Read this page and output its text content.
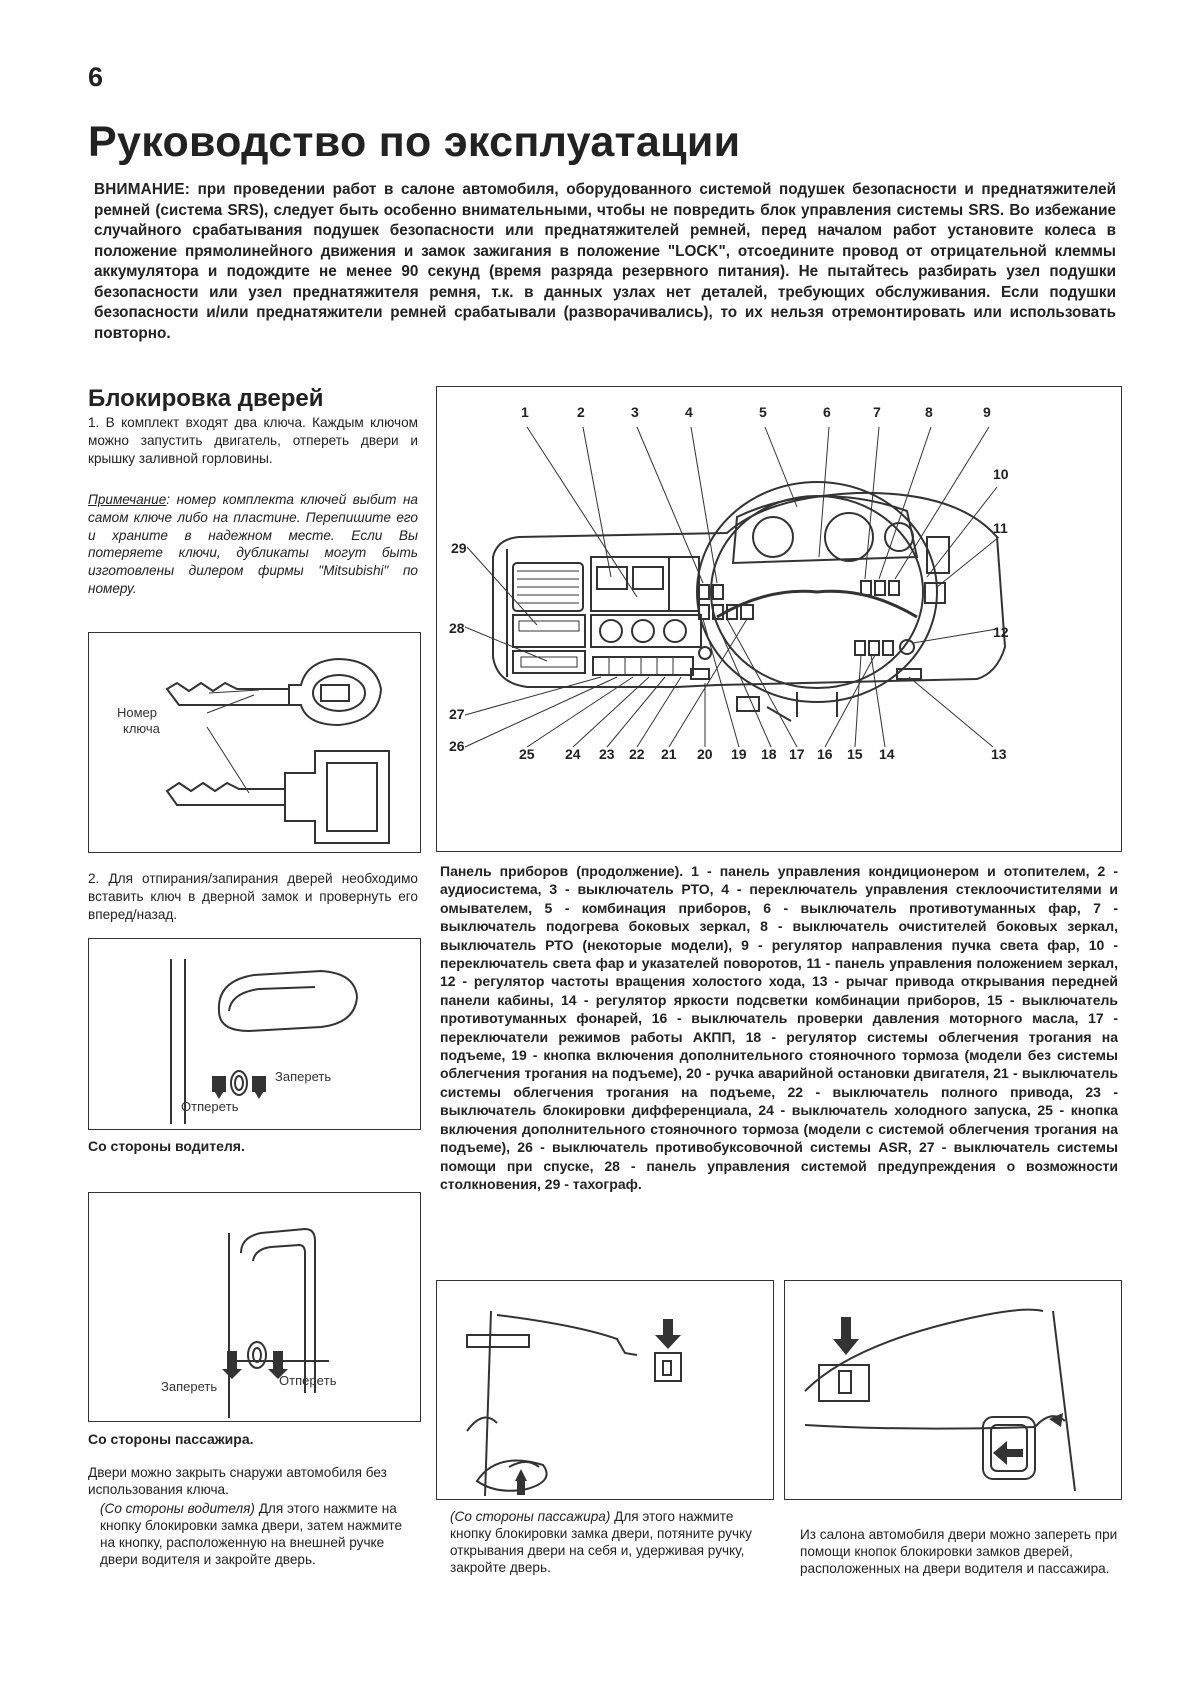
6
Руководство по эксплуатации
ВНИМАНИЕ: при проведении работ в салоне автомобиля, оборудованного системой подушек безопасности и преднатяжителей ремней (система SRS), следует быть особенно внимательными, чтобы не повредить блок управления системы SRS. Во избежание случайного срабатывания подушек безопасности или преднатяжителей ремней, перед началом работ установите колеса в положение прямолинейного движения и замок зажигания в положение "LOCK", отсоедините провод от отрицательной клеммы аккумулятора и подождите не менее 90 секунд (время разряда резервного питания). Не пытайтесь разбирать узел подушки безопасности или узел преднатяжителя ремня, т.к. в данных узлах нет деталей, требующих обслуживания. Если подушки безопасности и/или преднатяжители ремней срабатывали (разворачивались), то их нельзя отремонтировать или использовать повторно.
Блокировка дверей
1. В комплект входят два ключа. Каждым ключом можно запустить двигатель, отпереть двери и крышку заливной горловины.
Примечание: номер комплекта ключей выбит на самом ключе либо на пластине. Перепишите его и храните в надежном месте. Если Вы потеряете ключи, дубликаты могут быть изготовлены дилером фирмы "Mitsubishi" по номеру.
Номер
ключа
2. Для отпирания/запирания дверей необходимо вставить ключ в дверной замок и провернуть его вперед/назад.
Запереть
Отперeть
Со стороны водителя.
Запереть	Отперeть
Со стороны пассажира.
Двери можно закрыть снаружи автомобиля без использования ключа.
(Со стороны водителя) Для этого нажмите на кнопку блокировки замка двери, затем нажмите на кнопку, расположенную на внешней ручке двери водителя и закройте дверь.
1	2	3	4	5	6	7	8	9
10
11
12
13
14
15
16
17
18
19
20
21
22
23
24
25
26
27
28
29
Панель приборов (продолжение). 1 - панель управления кондиционером и отопителем, 2 - аудиосистема, 3 - выключатель РТО, 4 - переключатель управления стеклоочистителями и омывателем, 5 - комбинация приборов, 6 - выключатель противотуманных фар, 7 - выключатель подогрева боковых зеркал, 8 - выключатель очистителей боковых зеркал, выключатель РТО (некоторые модели), 9 - регулятор направления пучка света фар, 10 - переключатель света фар и указателей поворотов, 11 - панель управления положением зеркал, 12 - регулятор частоты вращения холостого хода, 13 - рычаг привода открывания передней панели кабины, 14 - регулятор яркости подсветки комбинации приборов, 15 - выключатель противотуманных фонарей, 16 - выключатель проверки давления моторного масла, 17 - переключатели режимов работы АКПП, 18 - регулятор системы облегчения трогания на подъеме, 19 - кнопка включения дополнительного стояночного тормоза (модели без системы облегчения трогания на подъеме), 20 - ручка аварийной остановки двигателя, 21 - выключатель системы облегчения трогания на подъеме, 22 - выключатель полного привода, 23 - выключатель блокировки дифференциала, 24 - выключатель холодного запуска, 25 - кнопка включения дополнительного стояночного тормоза (модели с системой облегчения трогания на подъеме), 26 - выключатель противобуксовочной системы ASR, 27 - выключатель системы помощи при спуске, 28 - панель управления системой предупреждения о возможности столкновения, 29 - тахограф.
(Со стороны пассажира) Для этого нажмите кнопку блокировки замка двери, потяните ручку открывания двери на себя и, удерживая ручку, закройте дверь.
Из салона автомобиля двери можно запереть при помощи кнопок блокировки замков дверей, расположенных на двери водителя и пассажира.
